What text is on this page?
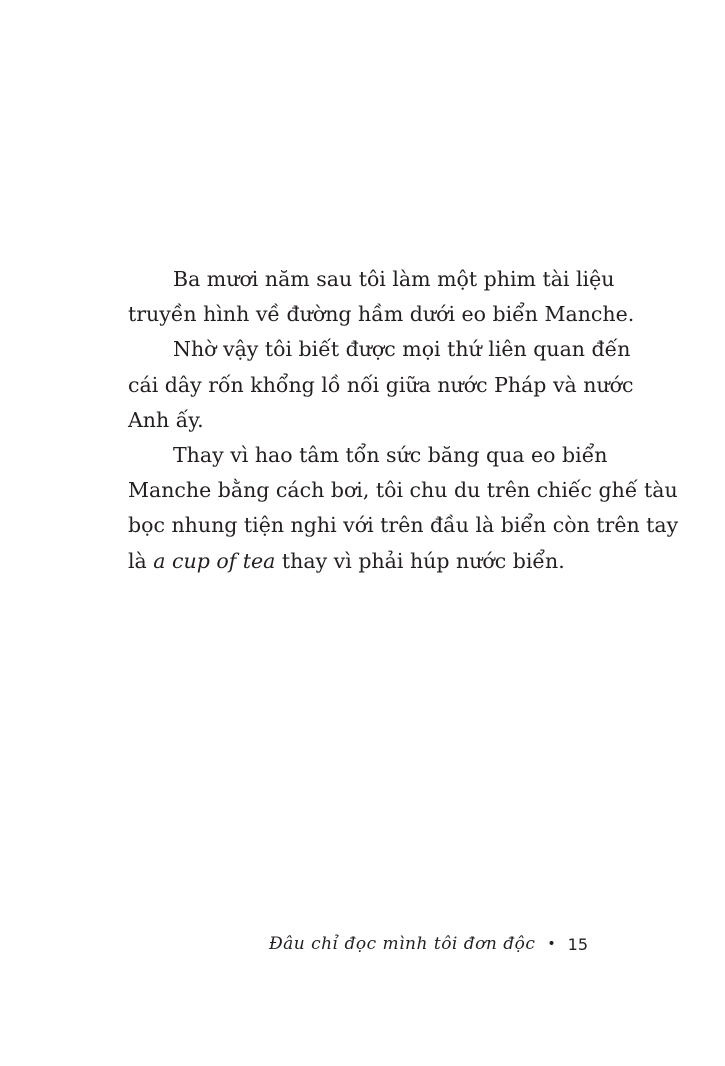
Ba mươi năm sau tôi làm một phim tài liệu
truyền hình về đường hầm dưới eo biển Manche.

Nhờ vậy tôi biết được mọi thứ liên quan đến
cái dây rốn khổng lồ nối giữa nước Pháp và nước
Anh ấy.

Thay vì hao tâm tổn sức băng qua eo biển
Manche bằng cách bơi, tôi chu du trên chiếc ghế tàu
bọc nhung tiện nghi với trên đầu là biển còn trên tay
là a cup of tea thay vì phải húp nước biển.

Đâu chỉ đọc mình tôi đơn độc • 15
